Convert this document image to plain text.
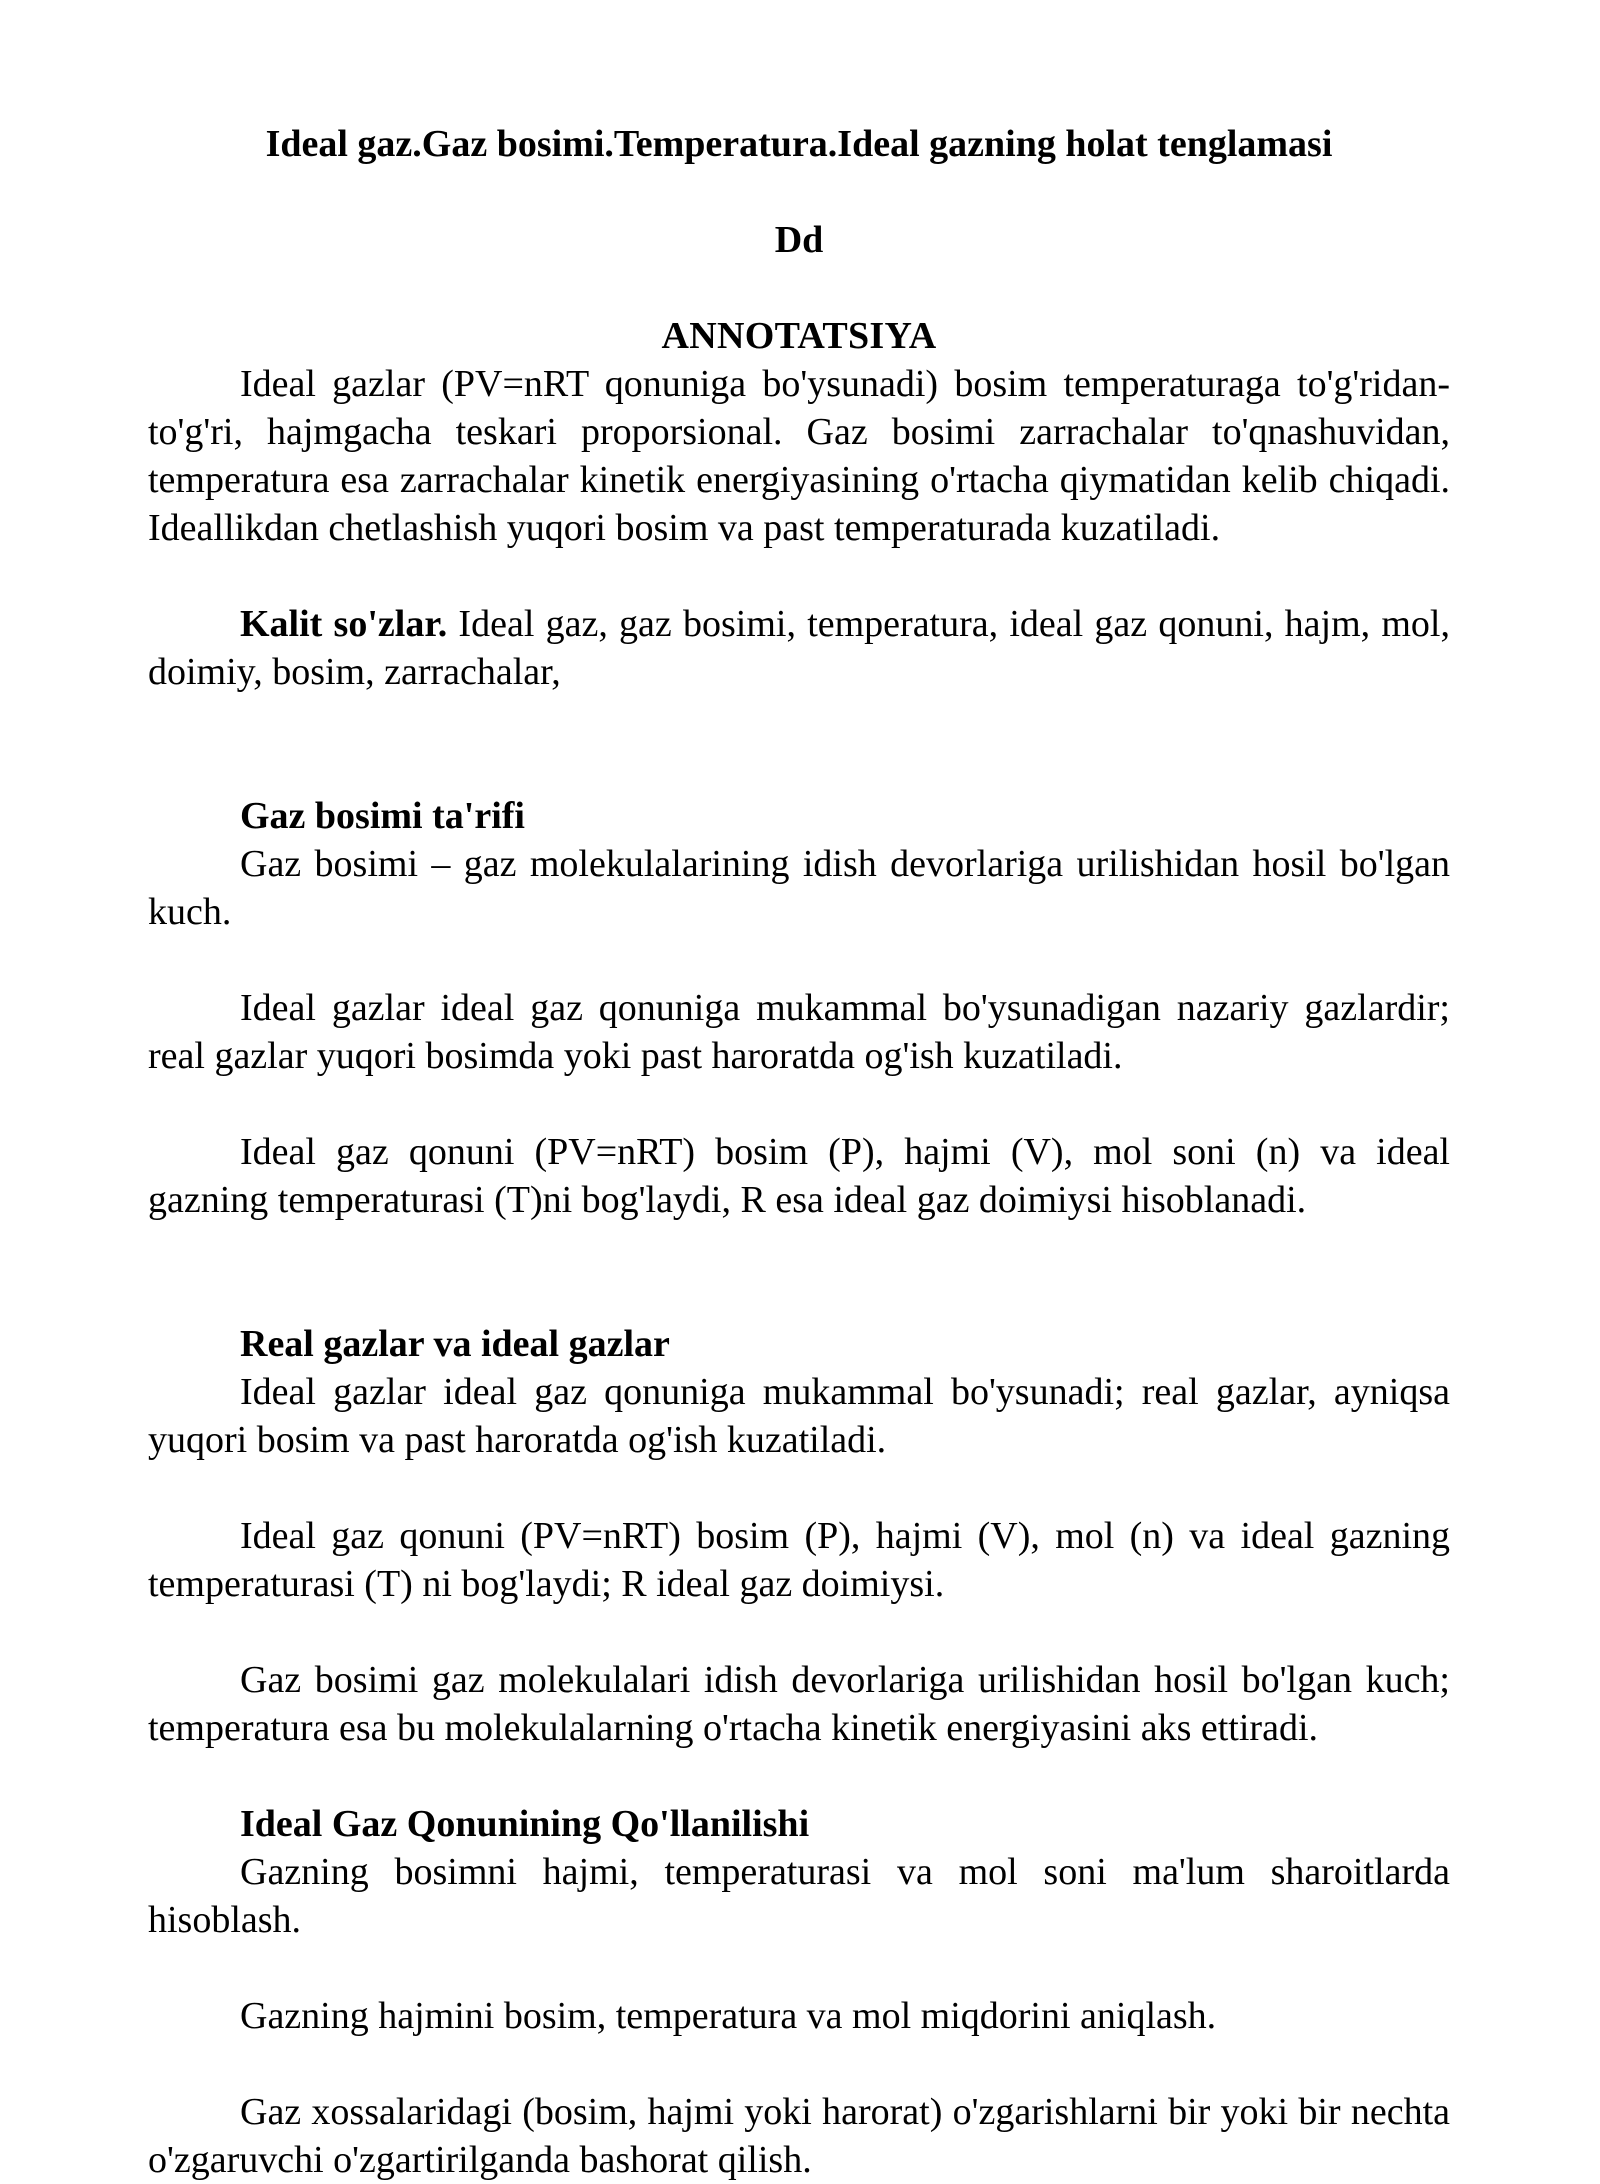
Ideal gaz.Gaz bosimi.Temperatura.Ideal gazning holat tenglamasi
Dd
ANNOTATSIYA

Ideal gazlar (PV=nRT qonuniga bo'ysunadi) bosim temperaturaga to'g'ridan-to'g'ri, hajmgacha teskari proporsional. Gaz bosimi zarrachalar to'qnashuvidan, temperatura esa zarrachalar kinetik energiyasining o'rtacha qiymatidan kelib chiqadi. Ideallikdan chetlashish yuqori bosim va past temperaturada kuzatiladi.

Kalit so'zlar. Ideal gaz, gaz bosimi, temperatura, ideal gaz qonuni, hajm, mol, doimiy, bosim, zarrachalar,

Gaz bosimi ta'rifi

Gaz bosimi – gaz molekulalarining idish devorlariga urilishidan hosil bo'lgan kuch.

Ideal gazlar ideal gaz qonuniga mukammal bo'ysunadigan nazariy gazlardir; real gazlar yuqori bosimda yoki past haroratda og'ish kuzatiladi.

Ideal gaz qonuni (PV=nRT) bosim (P), hajmi (V), mol soni (n) va ideal gazning temperaturasi (T)ni bog'laydi, R esa ideal gaz doimiysi hisoblanadi.

Real gazlar va ideal gazlar

Ideal gazlar ideal gaz qonuniga mukammal bo'ysunadi; real gazlar, ayniqsa yuqori bosim va past haroratda og'ish kuzatiladi.

Ideal gaz qonuni (PV=nRT) bosim (P), hajmi (V), mol (n) va ideal gazning temperaturasi (T) ni bog'laydi; R ideal gaz doimiysi.

Gaz bosimi gaz molekulalari idish devorlariga urilishidan hosil bo'lgan kuch; temperatura esa bu molekulalarning o'rtacha kinetik energiyasini aks ettiradi.

Ideal Gaz Qonunining Qo'llanilishi

Gazning bosimni hajmi, temperaturasi va mol soni ma'lum sharoitlarda hisoblash.

Gazning hajmini bosim, temperatura va mol miqdorini aniqlash.

Gaz xossalaridagi (bosim, hajmi yoki harorat) o'zgarishlarni bir yoki bir nechta o'zgaruvchi o'zgartirilganda bashorat qilish.
